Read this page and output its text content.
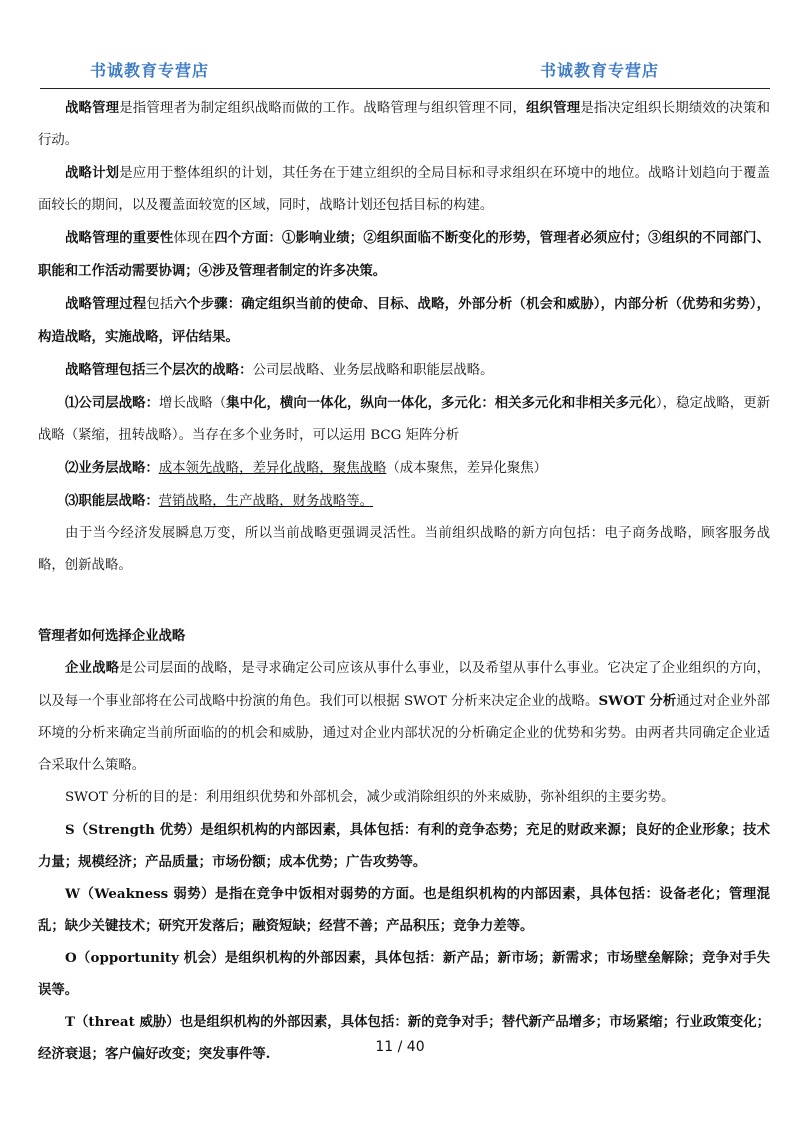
书诚教育专营店	书诚教育专营店

战略管理是指管理者为制定组织战略而做的工作。战略管理与组织管理不同，组织管理是指决定组织长期绩效的决策和行动。

战略计划是应用于整体组织的计划，其任务在于建立组织的全局目标和寻求组织在环境中的地位。战略计划趋向于覆盖面较长的期间，以及覆盖面较宽的区域，同时，战略计划还包括目标的构建。

战略管理的重要性体现在四个方面：①影响业绩；②组织面临不断变化的形势，管理者必须应付；③组织的不同部门、职能和工作活动需要协调；④涉及管理者制定的许多决策。

战略管理过程包括六个步骤：确定组织当前的使命、目标、战略，外部分析（机会和威胁），内部分析（优势和劣势），构造战略，实施战略，评估结果。

战略管理包括三个层次的战略：公司层战略、业务层战略和职能层战略。

⑴公司层战略：增长战略（集中化，横向一体化，纵向一体化，多元化：相关多元化和非相关多元化），稳定战略，更新战略（紧缩，扭转战略）。当存在多个业务时，可以运用 BCG 矩阵分析

⑵业务层战略：成本领先战略，差异化战略，聚焦战略（成本聚焦，差异化聚焦）

⑶职能层战略：营销战略，生产战略，财务战略等。

由于当今经济发展瞬息万变，所以当前战略更强调灵活性。当前组织战略的新方向包括：电子商务战略，顾客服务战略，创新战略。

管理者如何选择企业战略

企业战略是公司层面的战略，是寻求确定公司应该从事什么事业，以及希望从事什么事业。它决定了企业组织的方向，以及每一个事业部将在公司战略中扮演的角色。我们可以根据 SWOT 分析来决定企业的战略。SWOT 分析通过对企业外部环境的分析来确定当前所面临的的机会和威胁，通过对企业内部状况的分析确定企业的优势和劣势。由两者共同确定企业适合采取什么策略。

SWOT 分析的目的是：利用组织优势和外部机会，减少或消除组织的外来威胁，弥补组织的主要劣势。

S（Strength 优势）是组织机构的内部因素，具体包括：有利的竞争态势；充足的财政来源；良好的企业形象；技术力量；规模经济；产品质量；市场份额；成本优势；广告攻势等。

W（Weakness 弱势）是指在竞争中饭相对弱势的方面。也是组织机构的内部因素，具体包括：设备老化；管理混乱；缺少关键技术；研究开发落后；融资短缺；经营不善；产品积压；竞争力差等。

O（opportunity 机会）是组织机构的外部因素，具体包括：新产品；新市场；新需求；市场壁垒解除；竞争对手失误等。

T（threat 威胁）也是组织机构的外部因素，具体包括：新的竞争对手；替代新产品增多；市场紧缩；行业政策变化；经济衰退；客户偏好改变；突发事件等.	11 / 40
